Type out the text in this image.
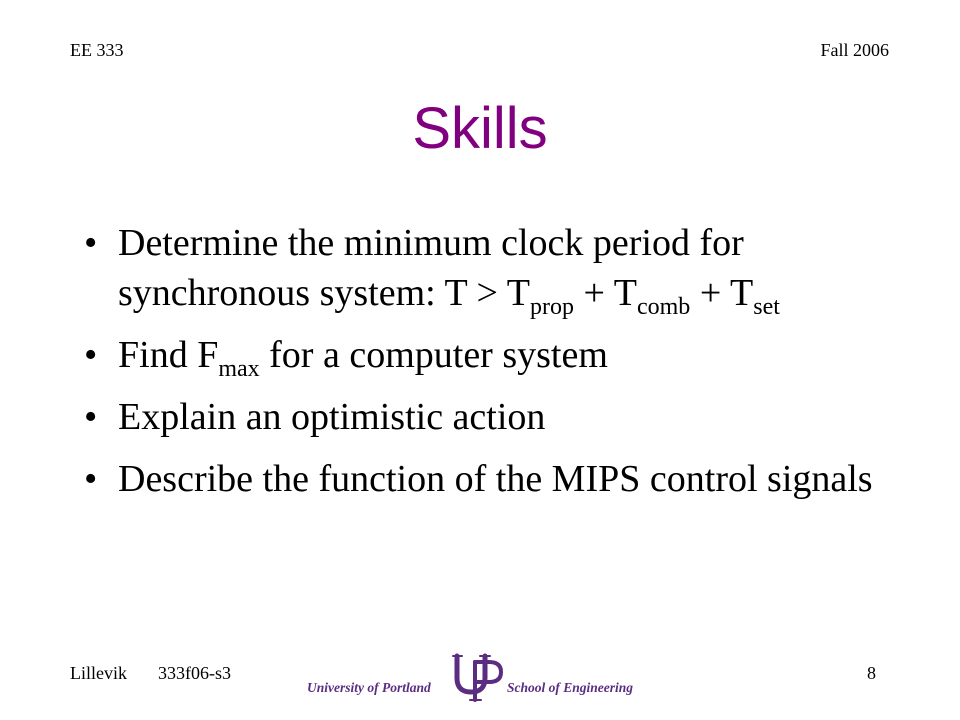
EE 333	Fall 2006
Skills
• Determine the minimum clock period for
synchronous system: $T > T_{prop} + T_{comb} + T_{set}$
• Find $F_{max}$ for a computer system
• Explain an optimistic action
• Describe the function of the MIPS control signals
Lillevik 333f06-s3	8
University of Portland	School of Engineering
